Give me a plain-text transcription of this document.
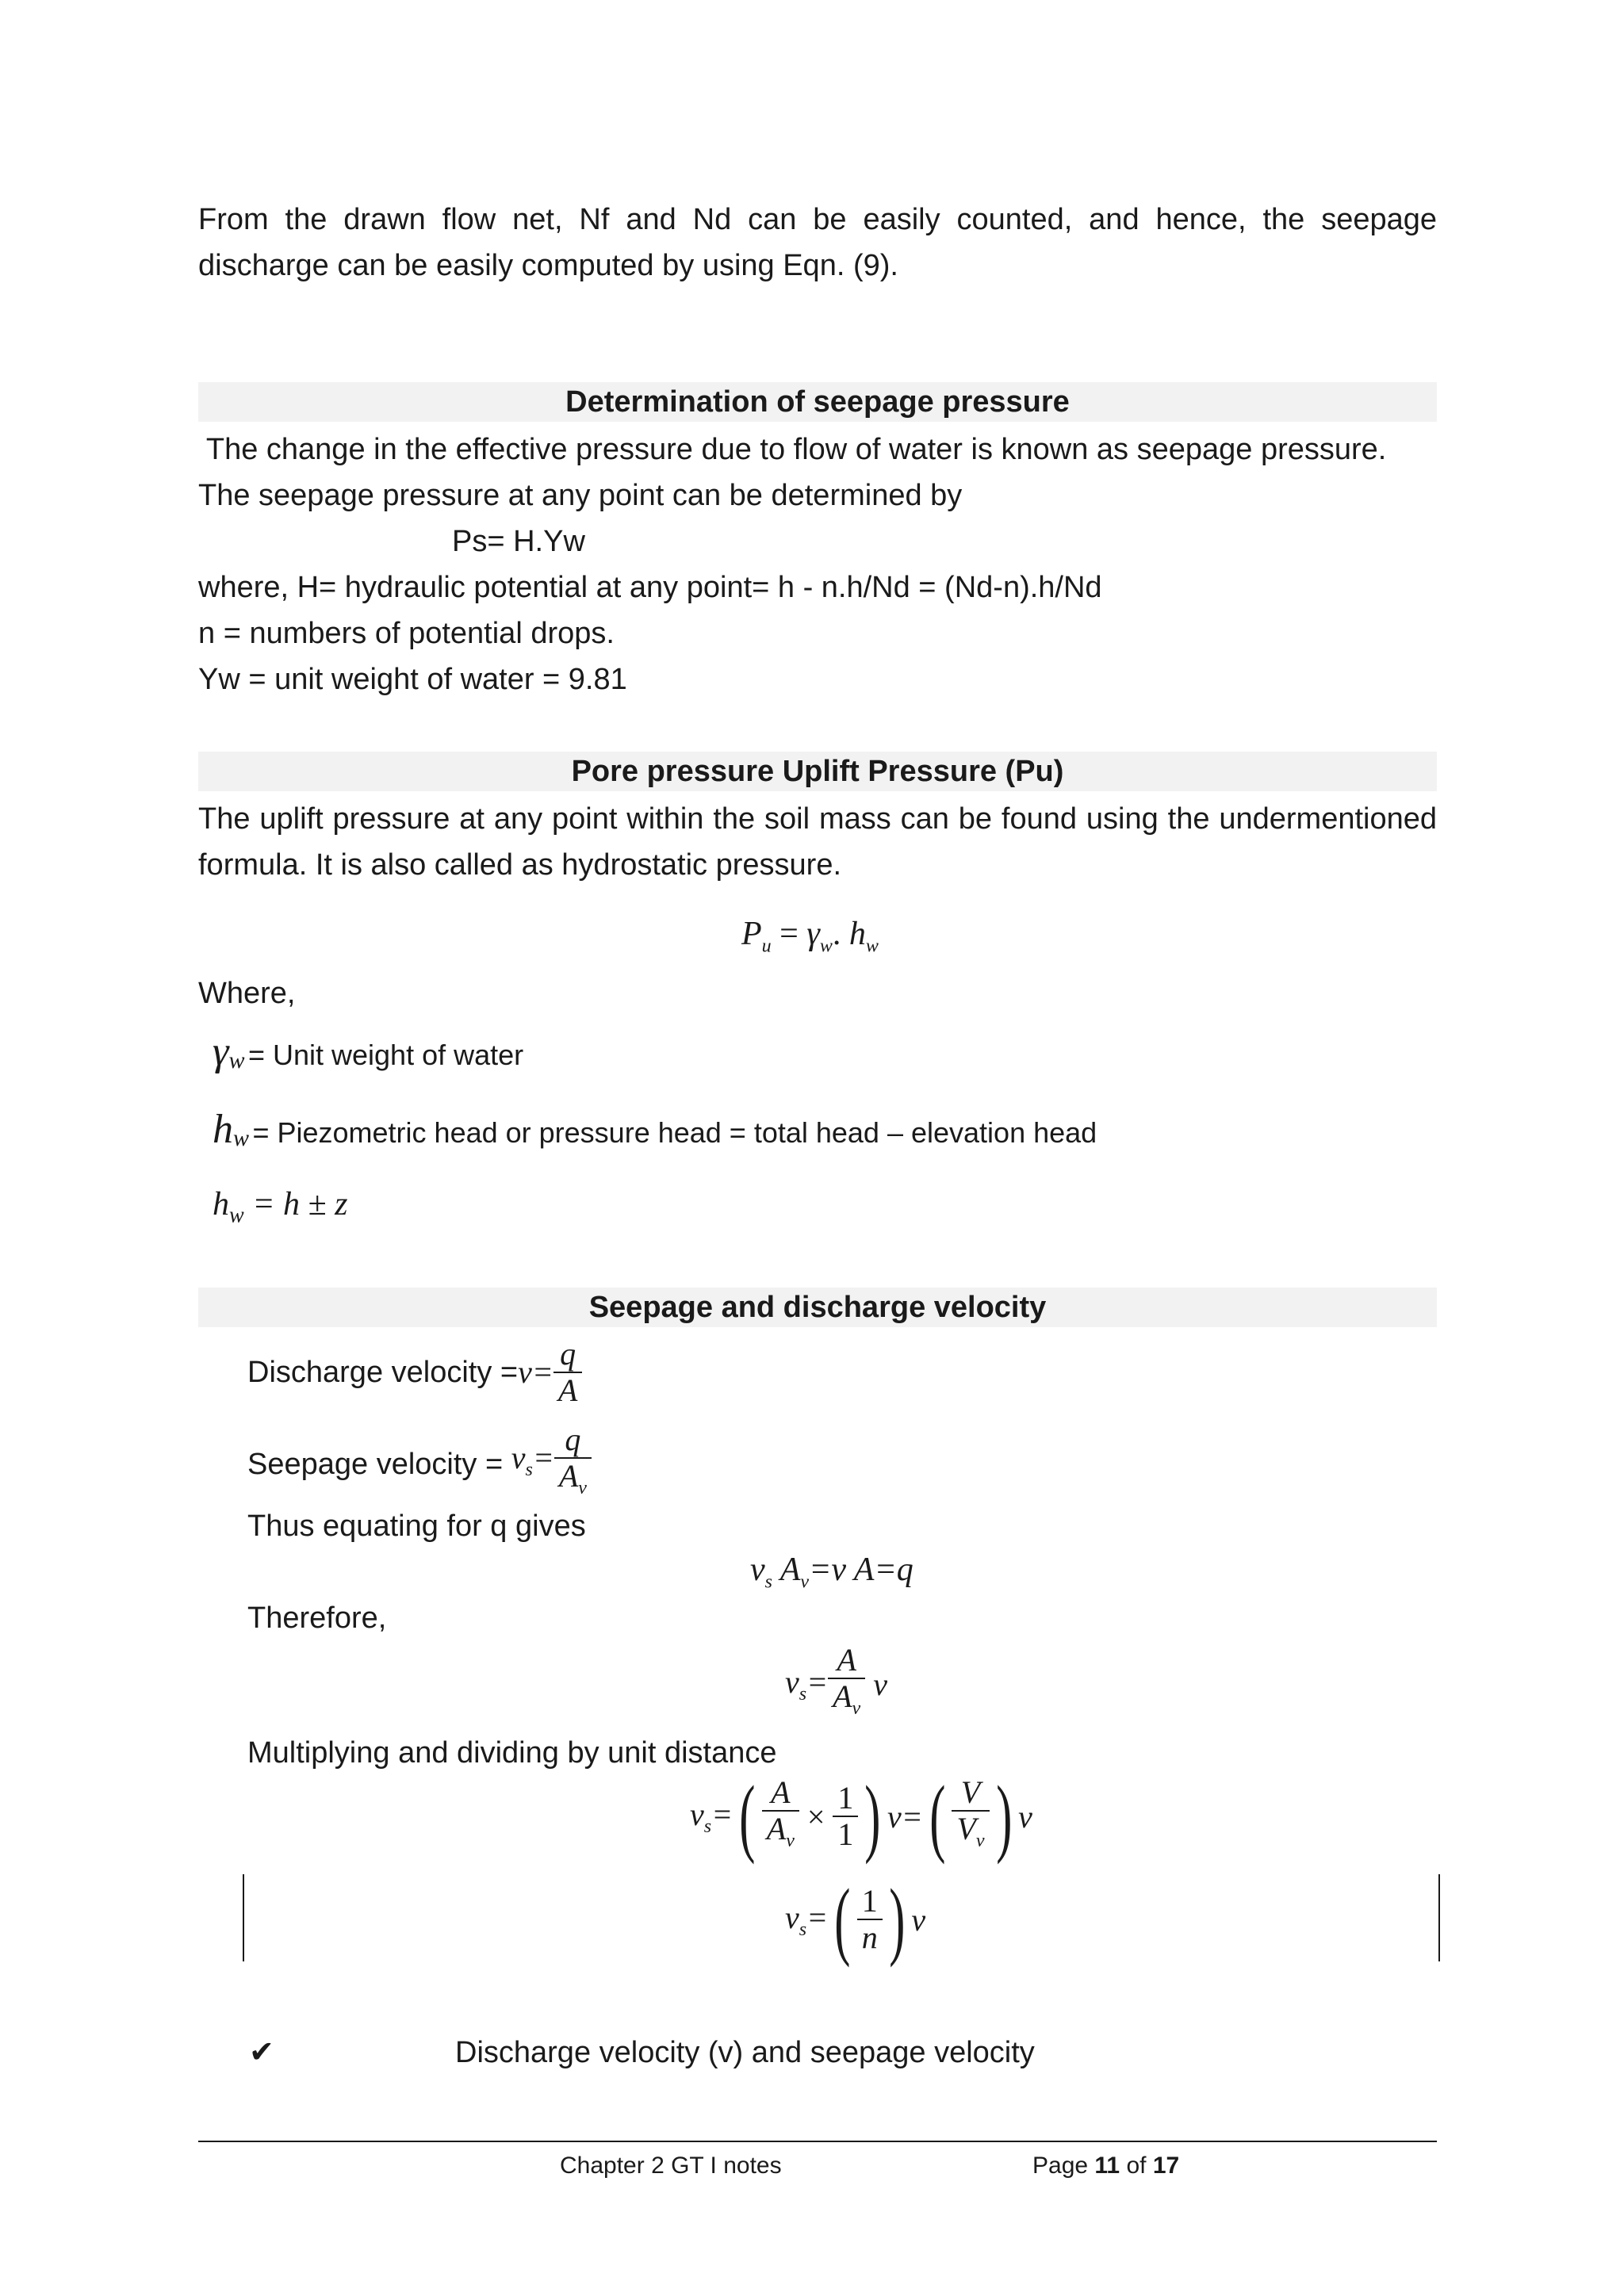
From the drawn flow net, Nf and Nd can be easily counted, and hence, the seepage
discharge can be easily computed by using Eqn. (9).
Determination of seepage pressure
The change in the effective pressure due to flow of water is known as seepage pressure.
The seepage pressure at any point can be determined by
Ps= H.Yw
where, H= hydraulic potential at any point= h - n.h/Nd = (Nd-n).h/Nd
n = numbers of potential drops.
Yw = unit weight of water = 9.81
Pore pressure Uplift Pressure (Pu)
The uplift pressure at any point within the soil mass can be found using the undermentioned
formula. It is also called as hydrostatic pressure.
$P_u = \gamma_w$. $h_w$
Where,
$\gamma_w$ = Unit weight of water
$h_w$ = Piezometric head or pressure head = total head – elevation head
$h_w = h \pm z$
Seepage and discharge velocity
Discharge velocity = $v= \frac{q}{A}$
Seepage velocity = $v_s= \frac{q}{A_v}$
Thus equating for q gives
$v_s$ $A_v=v$ A=q
Therefore,
$v_s= \frac{A}{A_v}$ v
Multiplying and dividing by unit distance
$v_s=$ ( $\frac{A}{A_v} \times \frac{1}{1}$ ) v= ( $\frac{V}{V_v}$ ) v
$v_s=$ ( $\frac{1}{n}$ ) v
✔	Discharge velocity (v) and seepage velocity
Chapter 2 GT I notes	Page 11 of 17
